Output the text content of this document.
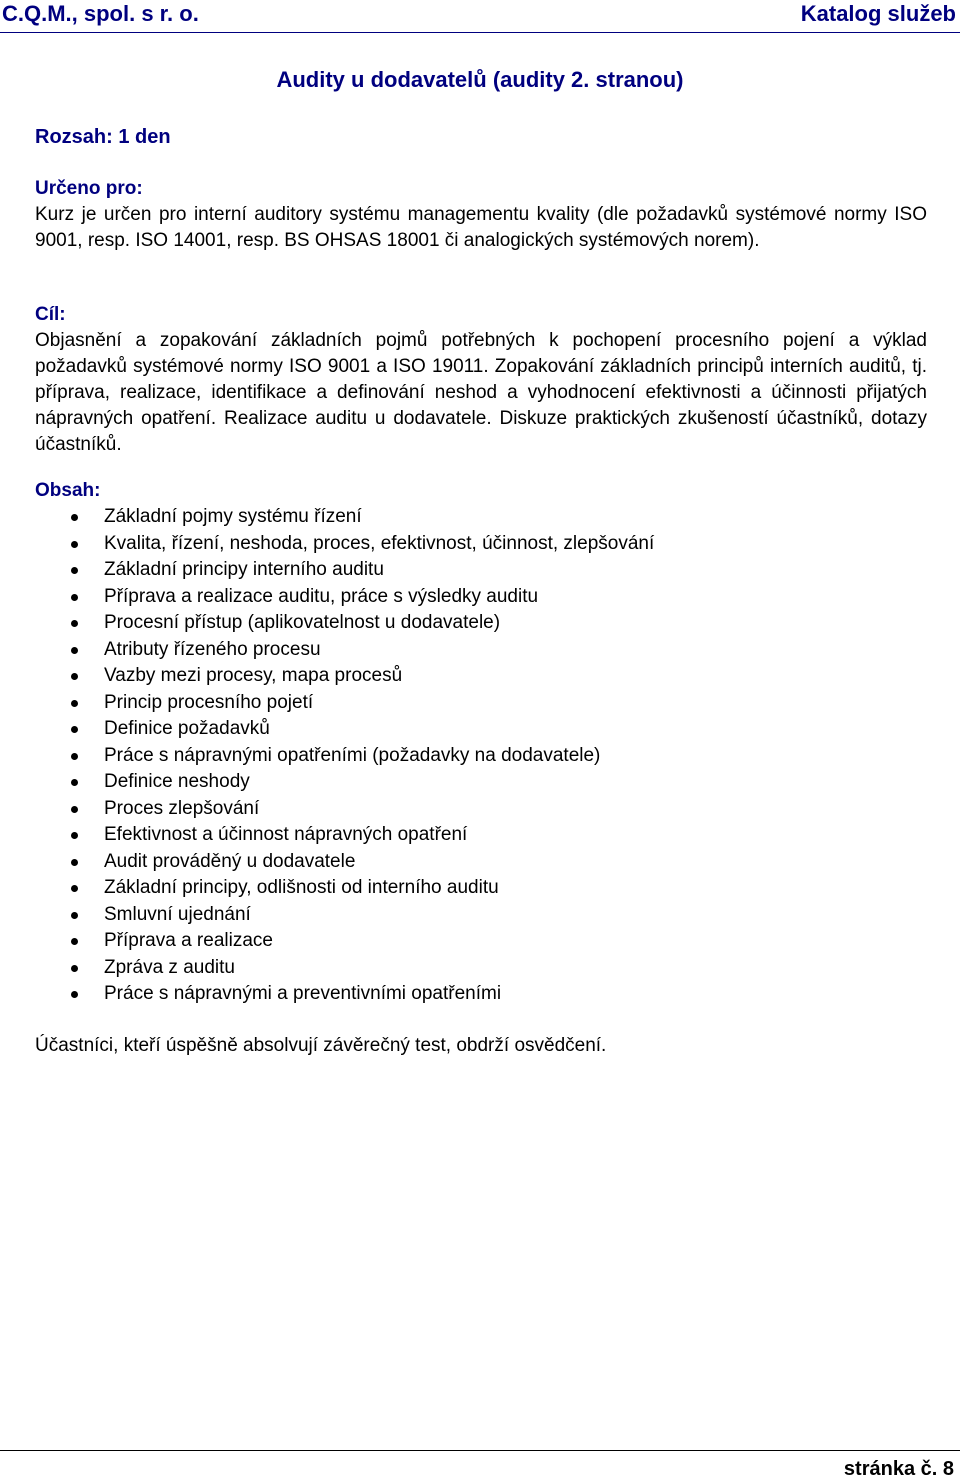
C.Q.M., spol. s r. o.	Katalog služeb
Audity u dodavatelů (audity 2. stranou)
Rozsah: 1 den
Určeno pro:
Kurz je určen pro interní auditory systému managementu kvality (dle požadavků systémové normy ISO 9001, resp. ISO 14001, resp. BS OHSAS 18001 či analogických systémových norem).
Cíl:
Objasnění a zopakování základních pojmů potřebných k pochopení procesního pojení a výklad požadavků systémové normy ISO 9001 a ISO 19011. Zopakování základních principů interních auditů, tj. příprava, realizace, identifikace a definování neshod a vyhodnocení efektivnosti a účinnosti přijatých nápravných opatření. Realizace auditu u dodavatele. Diskuze praktických zkušeností účastníků, dotazy účastníků.
Obsah:
Základní pojmy systému řízení
Kvalita, řízení, neshoda, proces, efektivnost, účinnost, zlepšování
Základní principy interního auditu
Příprava a realizace auditu, práce s výsledky auditu
Procesní přístup (aplikovatelnost u dodavatele)
Atributy řízeného procesu
Vazby mezi procesy, mapa procesů
Princip procesního pojetí
Definice požadavků
Práce s nápravnými opatřeními (požadavky na dodavatele)
Definice neshody
Proces zlepšování
Efektivnost a účinnost nápravných opatření
Audit prováděný u dodavatele
Základní principy, odlišnosti od interního auditu
Smluvní ujednání
Příprava a realizace
Zpráva z auditu
Práce s nápravnými a preventivními opatřeními
Účastníci, kteří úspěšně absolvují závěrečný test, obdrží osvědčení.
stránka č. 8
